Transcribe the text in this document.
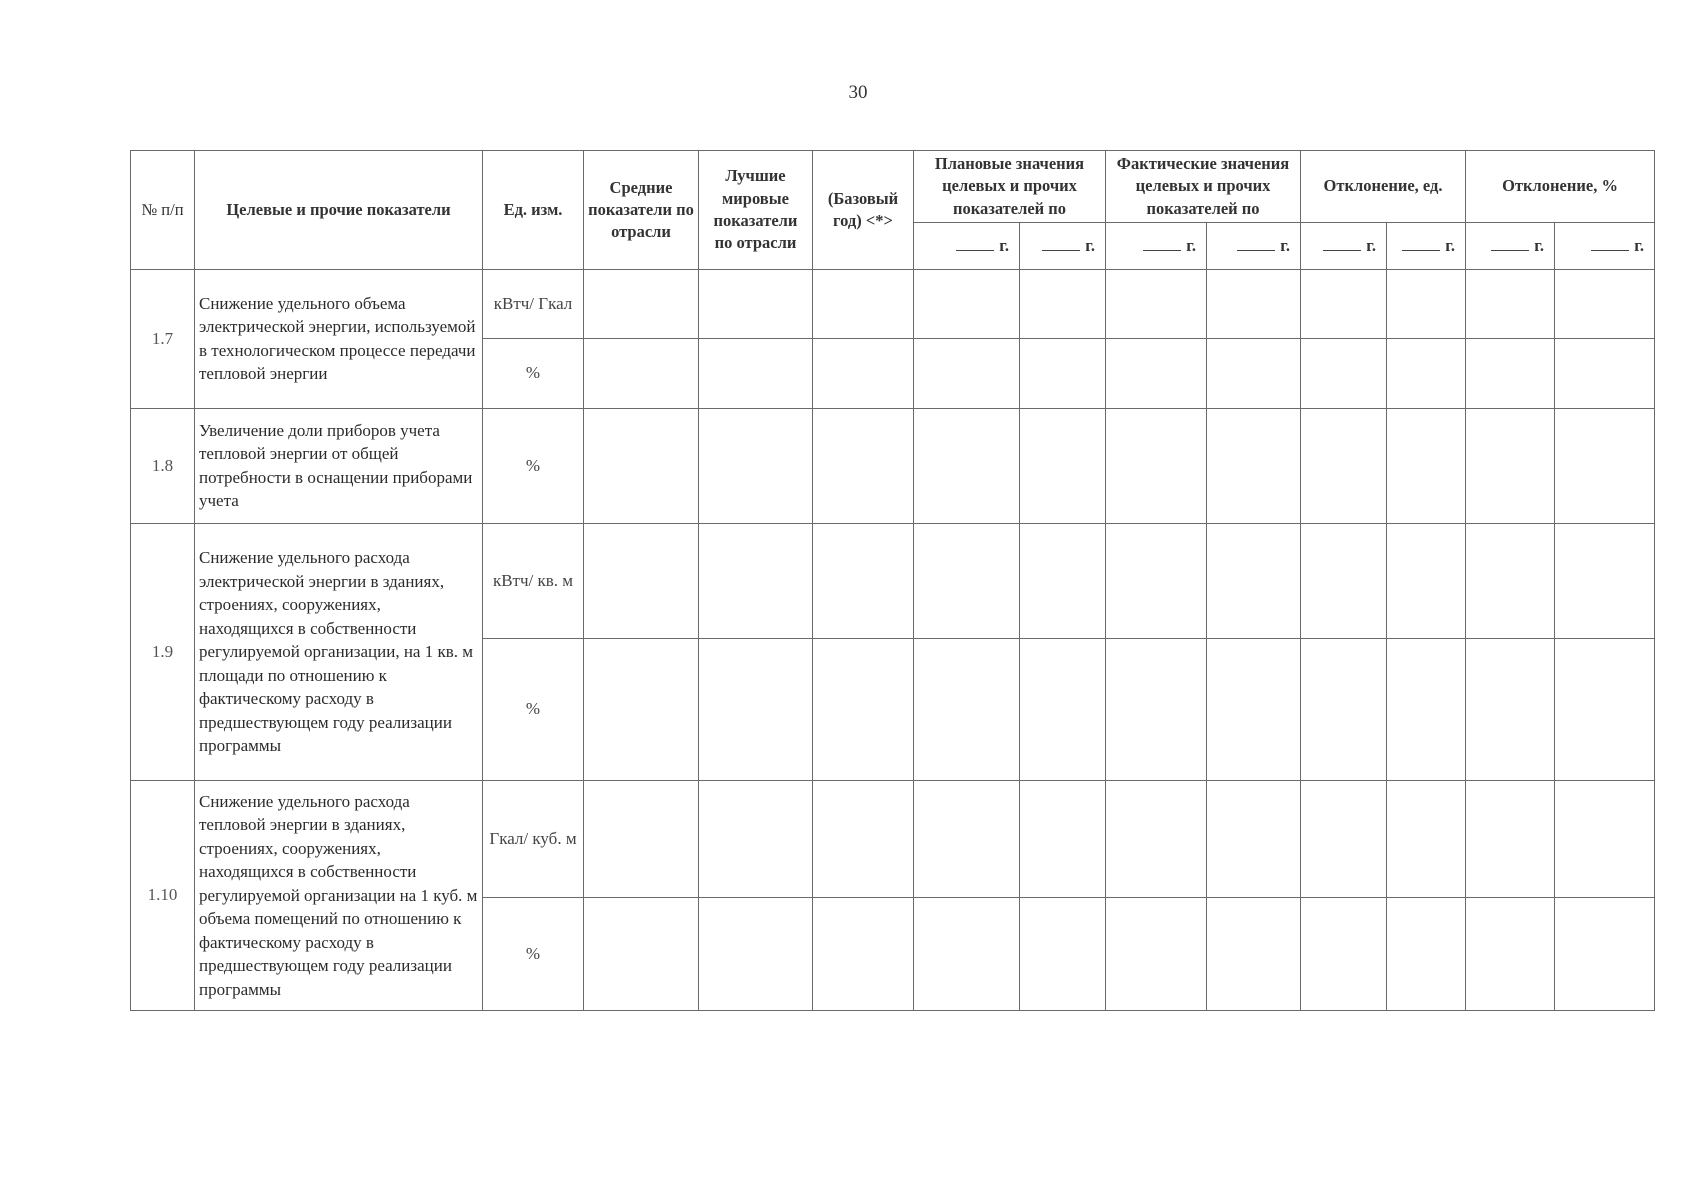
30
№ п/п	Целевые и прочие показатели	Ед. изм.	Средние показатели по отрасли	Лучшие мировые показатели по отрасли	(Базовый год) <*>	Плановые значения целевых и прочих показателей по		Фактические значения целевых и прочих показателей по		Отклонение, ед.		Отклонение, %	
						г.	г.	г.	г.	г.	г.	г.	г.
1.7	Снижение удельного объема электрической энергии, используемой в технологическом процессе передачи тепловой энергии	кВтч/ Гкал											
		%											
1.8	Увеличение доли приборов учета тепловой энергии от общей потребности в оснащении приборами учета	%											
1.9	Снижение удельного расхода электрической энергии в зданиях, строениях, сооружениях, находящихся в собственности регулируемой организации, на 1 кв. м площади по отношению к фактическому расходу в предшествующем году реализации программы	кВтч/ кв. м											
		%											
1.10	Снижение удельного расхода тепловой энергии в зданиях, строениях, сооружениях, находящихся в собственности регулируемой организации на 1 куб. м объема помещений по отношению к фактическому расходу в предшествующем году реализации программы	Гкал/ куб. м											
		%											
